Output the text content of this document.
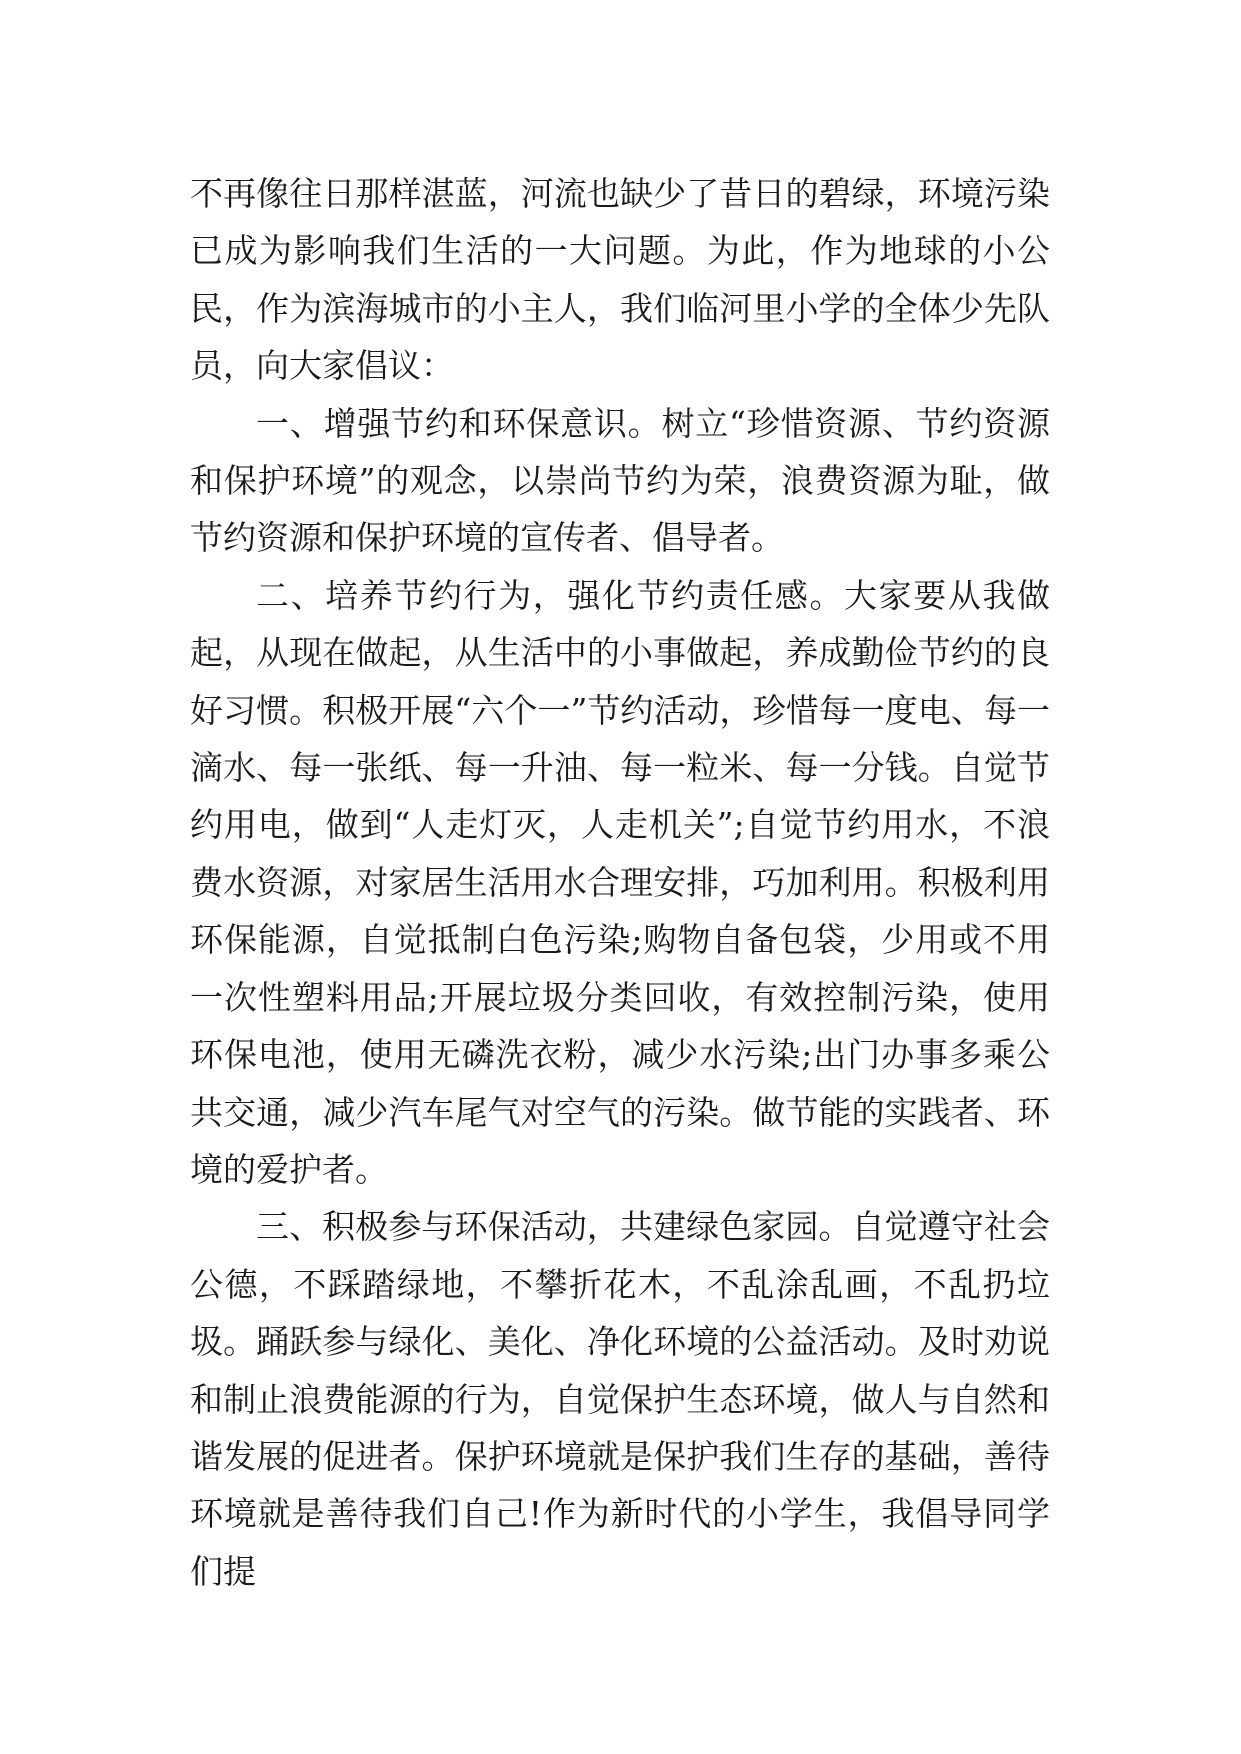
不再像往日那样湛蓝，河流也缺少了昔日的碧绿，环境污染已成为影响我们生活的一大问题。为此，作为地球的小公民，作为滨海城市的小主人，我们临河里小学的全体少先队员，向大家倡议：

一、增强节约和环保意识。树立“珍惜资源、节约资源和保护环境”的观念，以崇尚节约为荣，浪费资源为耻，做节约资源和保护环境的宣传者、倡导者。

二、培养节约行为，强化节约责任感。大家要从我做起，从现在做起，从生活中的小事做起，养成勤俭节约的良好习惯。积极开展“六个一”节约活动，珍惜每一度电、每一滴水、每一张纸、每一升油、每一粒米、每一分钱。自觉节约用电，做到“人走灯灭，人走机关”;自觉节约用水，不浪费水资源，对家居生活用水合理安排，巧加利用。积极利用环保能源，自觉抵制白色污染;购物自备包袋，少用或不用一次性塑料用品;开展垃圾分类回收，有效控制污染，使用环保电池，使用无磷洗衣粉，减少水污染;出门办事多乘公共交通，减少汽车尾气对空气的污染。做节能的实践者、环境的爱护者。

三、积极参与环保活动，共建绿色家园。自觉遵守社会公德，不踩踏绿地，不攀折花木，不乱涂乱画，不乱扔垃圾。踊跃参与绿化、美化、净化环境的公益活动。及时劝说和制止浪费能源的行为，自觉保护生态环境，做人与自然和谐发展的促进者。保护环境就是保护我们生存的基础，善待环境就是善待我们自己!作为新时代的小学生，我倡导同学们提
